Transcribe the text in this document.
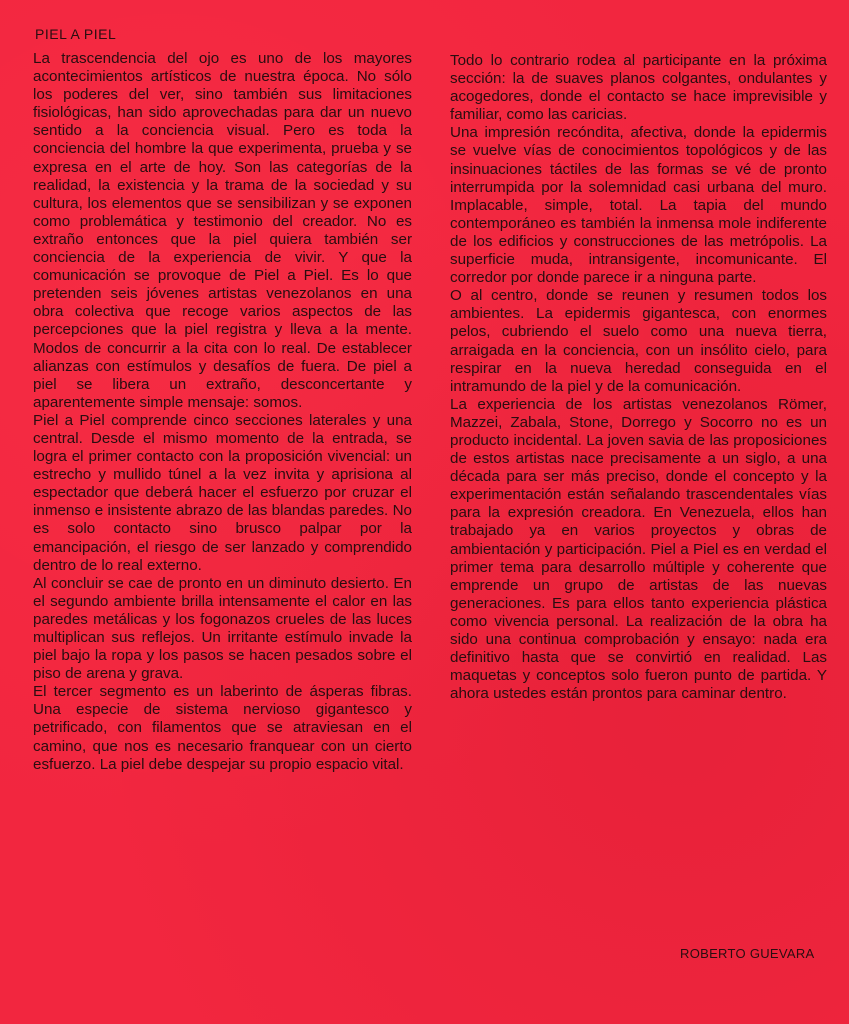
PIEL A PIEL

La trascendencia del ojo es uno de los mayores acontecimientos artísticos de nuestra época. No sólo los poderes del ver, sino también sus limitaciones fisiológicas, han sido aprovechadas para dar un nuevo sentido a la conciencia visual. Pero es toda la conciencia del hombre la que experimenta, prueba y se expresa en el arte de hoy. Son las categorías de la realidad, la existencia y la trama de la sociedad y su cultura, los elementos que se sensibilizan y se exponen como problemática y testimonio del creador. No es extraño entonces que la piel quiera también ser conciencia de la experiencia de vivir. Y que la comunicación se provoque de Piel a Piel. Es lo que pretenden seis jóvenes artistas venezolanos en una obra colectiva que recoge varios aspectos de las percepciones que la piel registra y lleva a la mente. Modos de concurrir a la cita con lo real. De establecer alianzas con estímulos y desafíos de fuera. De piel a piel se libera un extraño, desconcertante y aparentemente simple mensaje: somos.

Piel a Piel comprende cinco secciones laterales y una central. Desde el mismo momento de la entrada, se logra el primer contacto con la proposición vivencial: un estrecho y mullido túnel a la vez invita y aprisiona al espectador que deberá hacer el esfuerzo por cruzar el inmenso e insistente abrazo de las blandas paredes. No es solo contacto sino brusco palpar por la emancipación, el riesgo de ser lanzado y comprendido dentro de lo real externo.

Al concluir se cae de pronto en un diminuto desierto. En el segundo ambiente brilla intensamente el calor en las paredes metálicas y los fogonazos crueles de las luces multiplican sus reflejos. Un irritante estímulo invade la piel bajo la ropa y los pasos se hacen pesados sobre el piso de arena y grava.

El tercer segmento es un laberinto de ásperas fibras. Una especie de sistema nervioso gigantesco y petrificado, con filamentos que se atraviesan en el camino, que nos es necesario franquear con un cierto esfuerzo. La piel debe despejar su propio espacio vital.

Todo lo contrario rodea al participante en la próxima sección: la de suaves planos colgantes, ondulantes y acogedores, donde el contacto se hace imprevisible y familiar, como las caricias.

Una impresión recóndita, afectiva, donde la epidermis se vuelve vías de conocimientos topológicos y de las insinuaciones táctiles de las formas se vé de pronto interrumpida por la solemnidad casi urbana del muro. Implacable, simple, total. La tapia del mundo contemporáneo es también la inmensa mole indiferente de los edificios y construcciones de las metrópolis. La superficie muda, intransigente, incomunicante. El corredor por donde parece ir a ninguna parte.

O al centro, donde se reunen y resumen todos los ambientes. La epidermis gigantesca, con enormes pelos, cubriendo el suelo como una nueva tierra, arraigada en la conciencia, con un insólito cielo, para respirar en la nueva heredad conseguida en el intramundo de la piel y de la comunicación.

La experiencia de los artistas venezolanos Römer, Mazzei, Zabala, Stone, Dorrego y Socorro no es un producto incidental. La joven savia de las proposiciones de estos artistas nace precisamente a un siglo, a una década para ser más preciso, donde el concepto y la experimentación están señalando trascendentales vías para la expresión creadora. En Venezuela, ellos han trabajado ya en varios proyectos y obras de ambientación y participación. Piel a Piel es en verdad el primer tema para desarrollo múltiple y coherente que emprende un grupo de artistas de las nuevas generaciones. Es para ellos tanto experiencia plástica como vivencia personal. La realización de la obra ha sido una continua comprobación y ensayo: nada era definitivo hasta que se convirtió en realidad. Las maquetas y conceptos solo fueron punto de partida. Y ahora ustedes están prontos para caminar dentro.

ROBERTO GUEVARA
